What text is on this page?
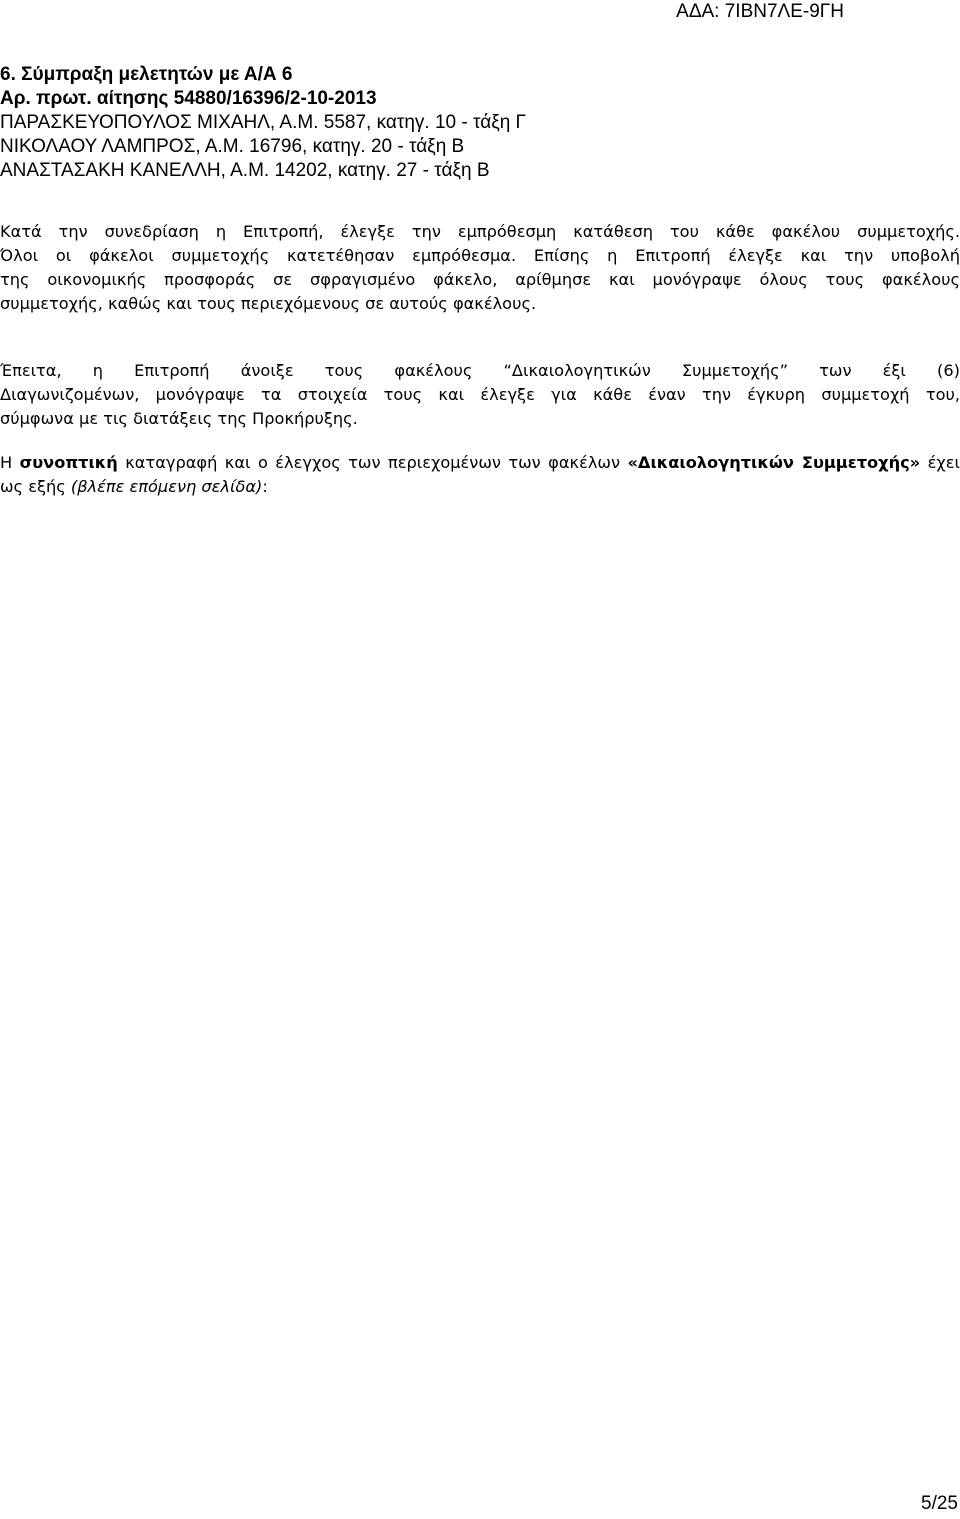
ΑΔΑ: 7ΙΒΝ7ΛΕ-9ΓΗ
6. Σύμπραξη μελετητών με Α/Α 6
Αρ. πρωτ. αίτησης 54880/16396/2-10-2013
ΠΑΡΑΣΚΕΥΟΠΟΥΛΟΣ ΜΙΧΑΗΛ, Α.Μ. 5587, κατηγ. 10 - τάξη Γ
ΝΙΚΟΛΑΟΥ ΛΑΜΠΡΟΣ, Α.Μ. 16796, κατηγ. 20 - τάξη Β
ΑΝΑΣΤΑΣΑΚΗ ΚΑΝΕΛΛΗ, Α.Μ. 14202, κατηγ. 27 - τάξη Β
Κατά την συνεδρίαση η Επιτροπή, έλεγξε την εμπρόθεσμη κατάθεση του κάθε φακέλου συμμετοχής.
Όλοι οι φάκελοι συμμετοχής κατετέθησαν εμπρόθεσμα. Επίσης η Επιτροπή έλεγξε και την υποβολή
της οικονομικής προσφοράς σε σφραγισμένο φάκελο, αρίθμησε και μονόγραψε όλους τους φακέλους
συμμετοχής, καθώς και τους περιεχόμενους σε αυτούς φακέλους.
Έπειτα, η Επιτροπή άνοιξε τους φακέλους “Δικαιολογητικών Συμμετοχής” των έξι (6)
Διαγωνιζομένων, μονόγραψε τα στοιχεία τους και έλεγξε για κάθε έναν την έγκυρη συμμετοχή του,
σύμφωνα με τις διατάξεις της Προκήρυξης.
Η συνοπτική καταγραφή και ο έλεγχος των περιεχομένων των φακέλων «Δικαιολογητικών Συμμετοχής» έχει ως εξής (βλέπε επόμενη σελίδα):
5/25
